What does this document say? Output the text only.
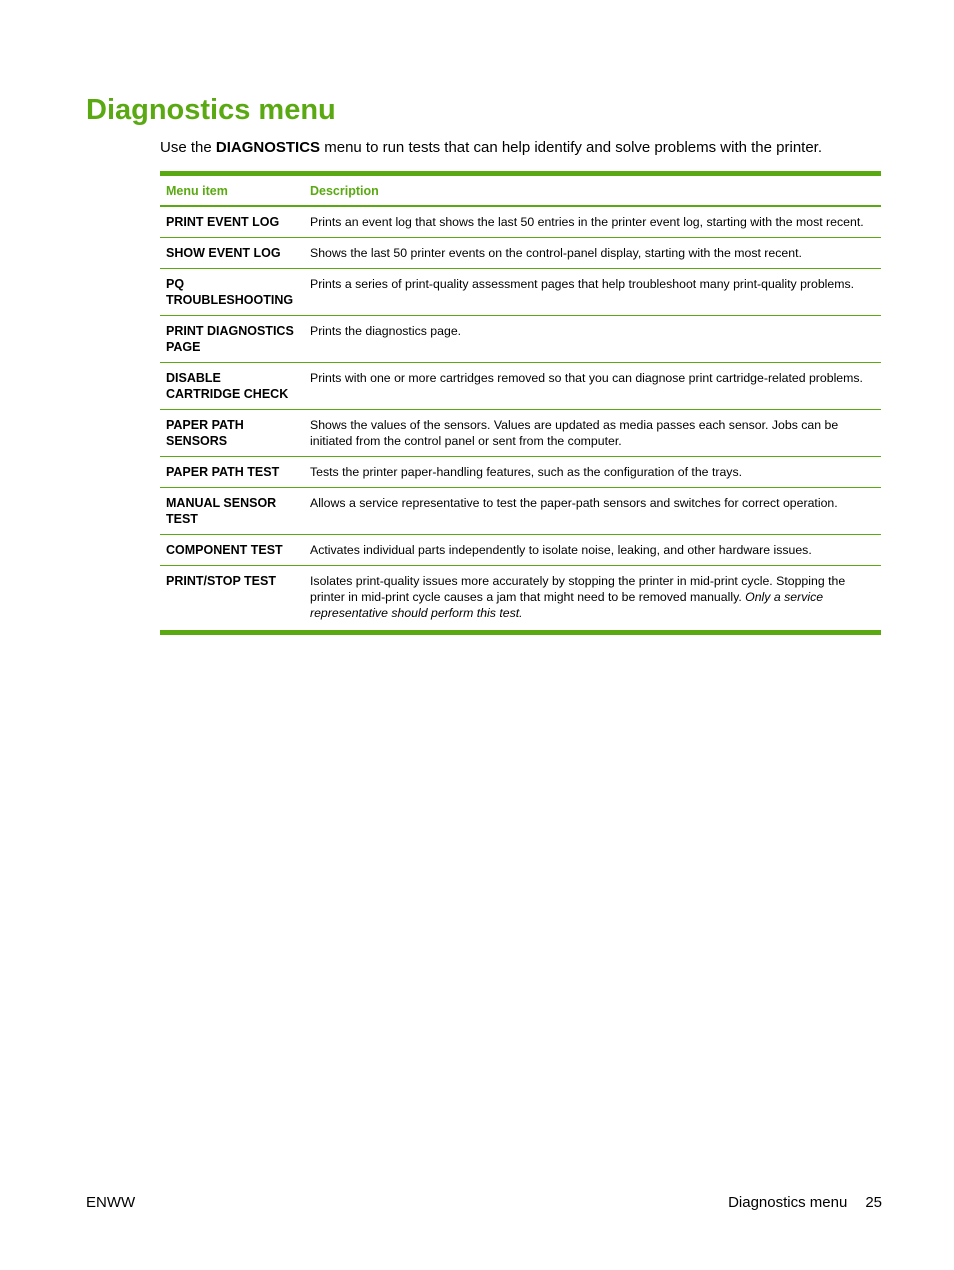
Diagnostics menu

Use the DIAGNOSTICS menu to run tests that can help identify and solve problems with the printer.

Menu item	Description
PRINT EVENT LOG	Prints an event log that shows the last 50 entries in the printer event log, starting with the most recent.
SHOW EVENT LOG	Shows the last 50 printer events on the control-panel display, starting with the most recent.
PQ TROUBLESHOOTING	Prints a series of print-quality assessment pages that help troubleshoot many print-quality problems.
PRINT DIAGNOSTICS PAGE	Prints the diagnostics page.
DISABLE CARTRIDGE CHECK	Prints with one or more cartridges removed so that you can diagnose print cartridge-related problems.
PAPER PATH SENSORS	Shows the values of the sensors. Values are updated as media passes each sensor. Jobs can be initiated from the control panel or sent from the computer.
PAPER PATH TEST	Tests the printer paper-handling features, such as the configuration of the trays.
MANUAL SENSOR TEST	Allows a service representative to test the paper-path sensors and switches for correct operation.
COMPONENT TEST	Activates individual parts independently to isolate noise, leaking, and other hardware issues.
PRINT/STOP TEST	Isolates print-quality issues more accurately by stopping the printer in mid-print cycle. Stopping the printer in mid-print cycle causes a jam that might need to be removed manually. Only a service representative should perform this test.
ENWW	Diagnostics menu 25
